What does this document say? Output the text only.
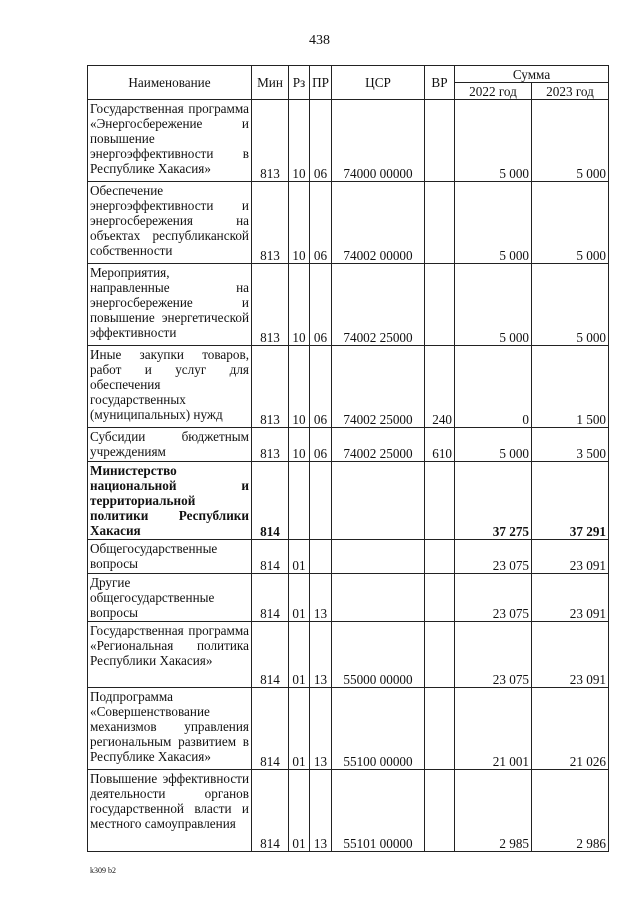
438
Наименование	Мин	Рз	ПР	ЦСР	ВР	Сумма	
						2022 год	2023 год
Государственная программа «Энергосбережение и повышение энергоэффективности в Республике Хакасия»	813	10	06	74000 00000		5 000	5 000
Обеспечение энергоэффективности и энергосбережения на объектах республиканской собственности	813	10	06	74002 00000		5 000	5 000
Мероприятия, направленные на энергосбережение и повышение энергетической эффективности	813	10	06	74002 25000		5 000	5 000
Иные закупки товаров, работ и услуг для обеспечения государственных (муниципальных) нужд	813	10	06	74002 25000	240	0	1 500
Субсидии бюджетным учреждениям	813	10	06	74002 25000	610	5 000	3 500
Министерство национальной и территориальной политики Республики Хакасия	814					37 275	37 291
Общегосударственные вопросы	814	01				23 075	23 091
Другие общегосударственные вопросы	814	01	13			23 075	23 091
Государственная программа «Региональная политика Республики Хакасия»	814	01	13	55000 00000		23 075	23 091
Подпрограмма «Совершенствование механизмов управления региональным развитием в Республике Хакасия»	814	01	13	55100 00000		21 001	21 026
Повышение эффективности деятельности органов государственной власти и местного самоуправления	814	01	13	55101 00000		2 985	2 986
k309 b2
